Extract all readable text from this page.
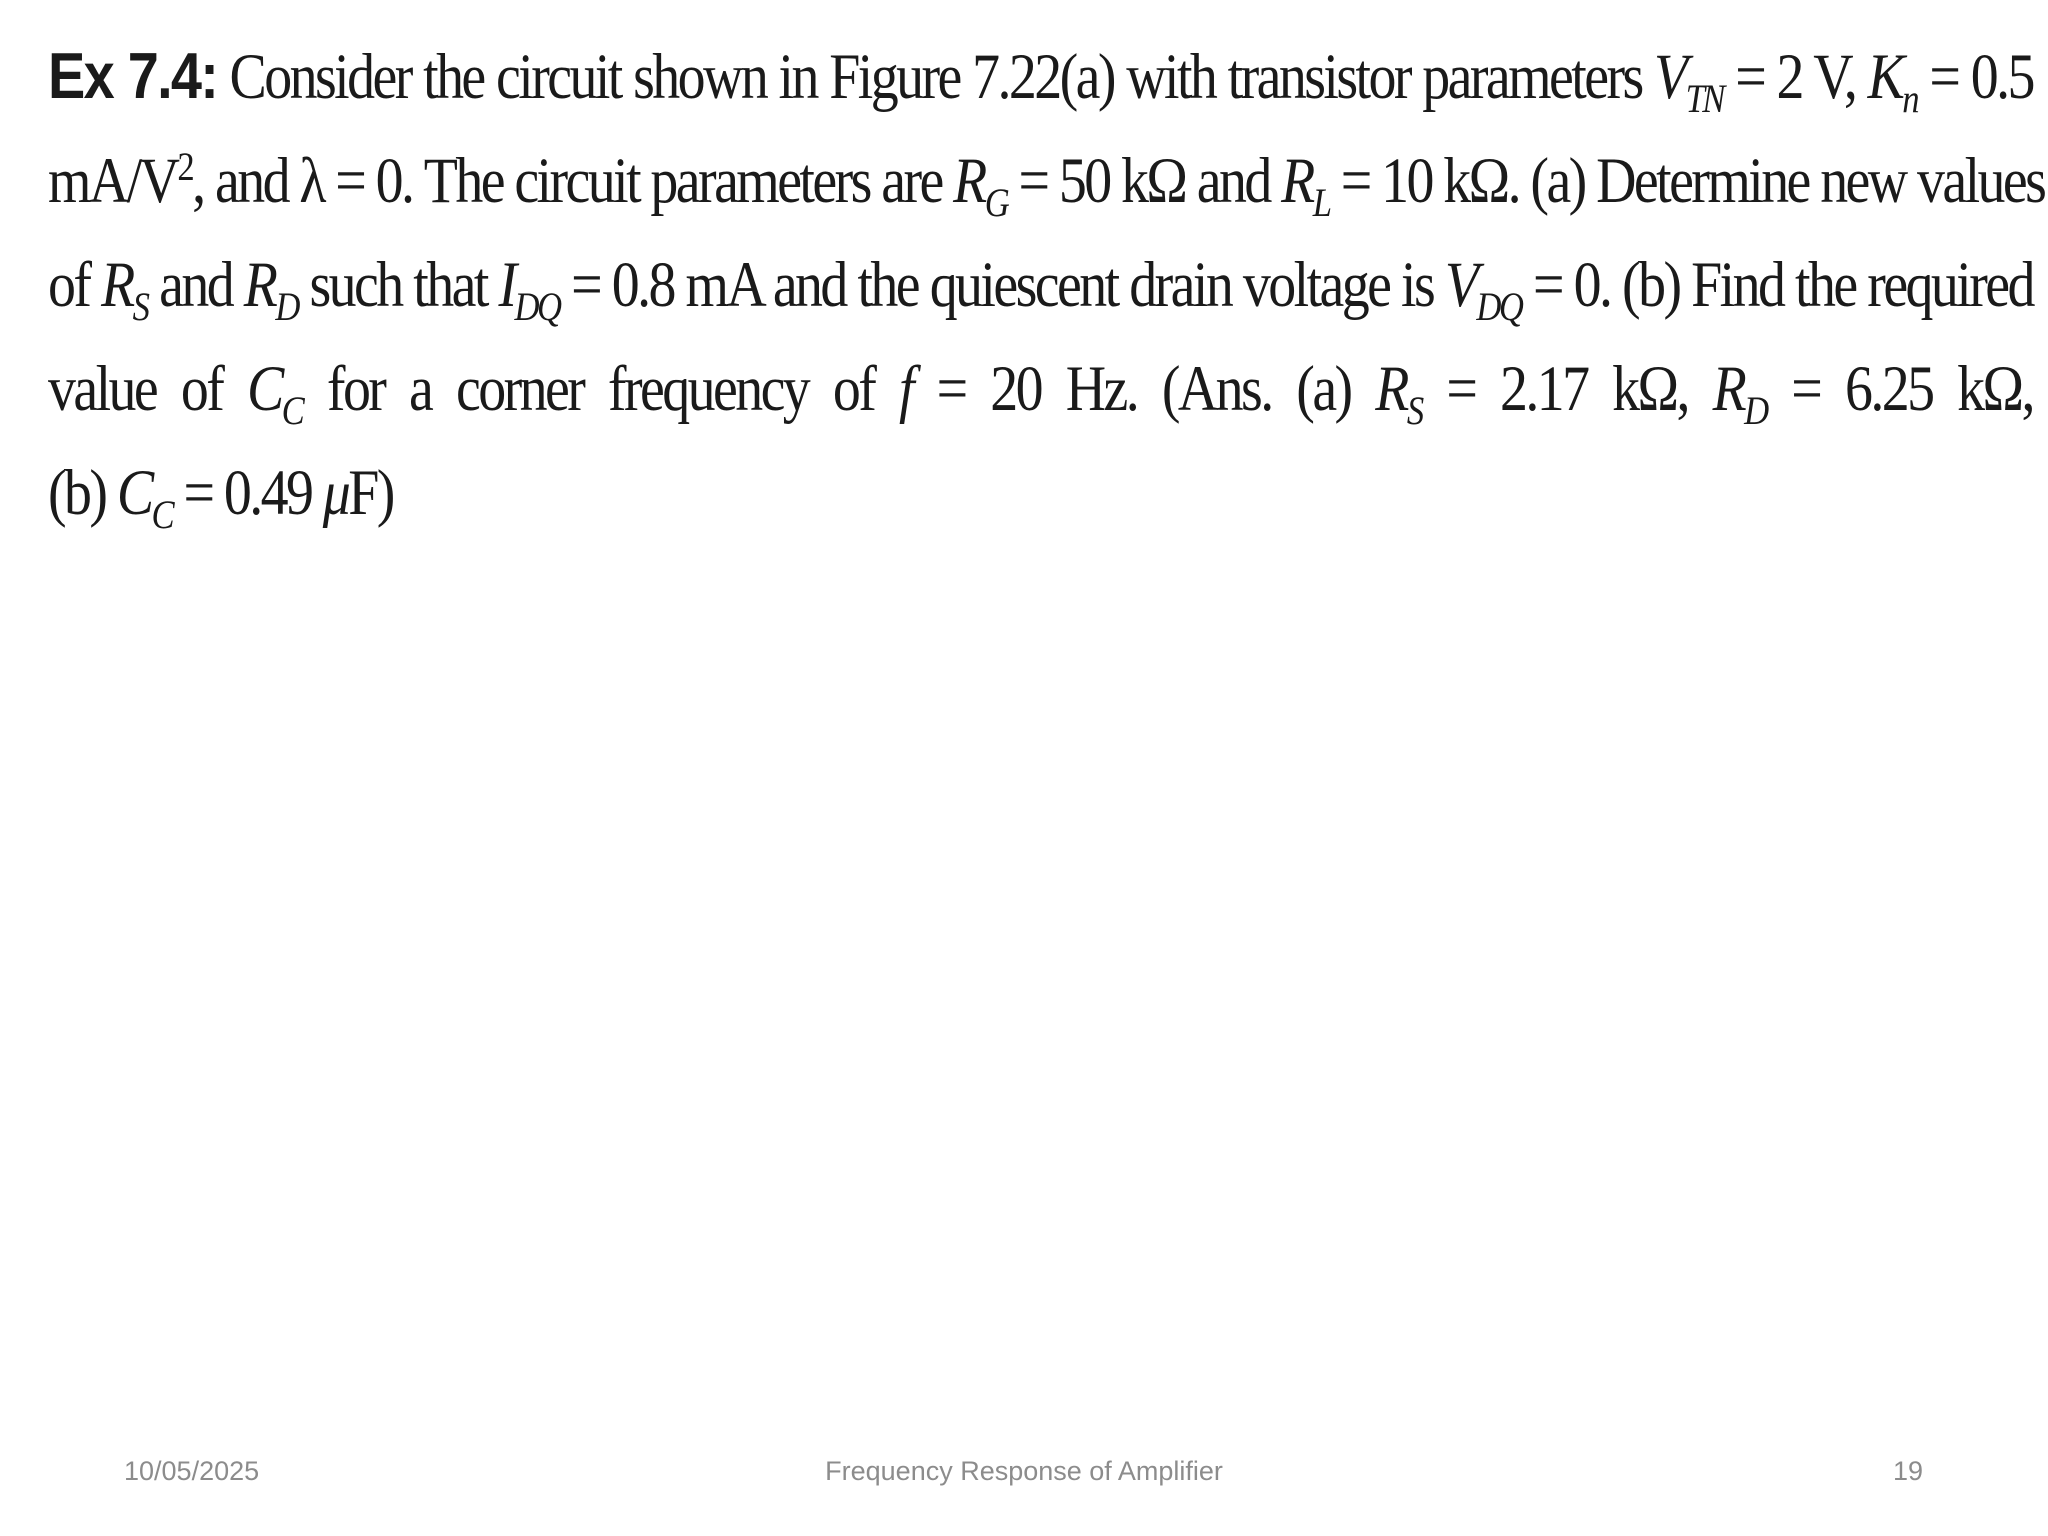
Ex 7.4: Consider the circuit shown in Figure 7.22(a) with transistor parameters $V_{TN} = 2$ V, $K_n = 0.5$
$mA/V^2$, and λ = 0. The circuit parameters are $R_G = 50$ kΩ and $R_L = 10$ kΩ. (a) Determine new values
of $R_S$ and $R_D$ such that $I_{DQ} = 0.8$ mA and the quiescent drain voltage is $V_{DQ} = 0$. (b) Find the required
value of $C_C$ for a corner frequency of f = 20 Hz. (Ans. (a) $R_S = 2.17$ kΩ, $R_D = 6.25$ kΩ,
(b) $C_C = 0.49$ μF)
10/05/2025	Frequency Response of Amplifier	19
